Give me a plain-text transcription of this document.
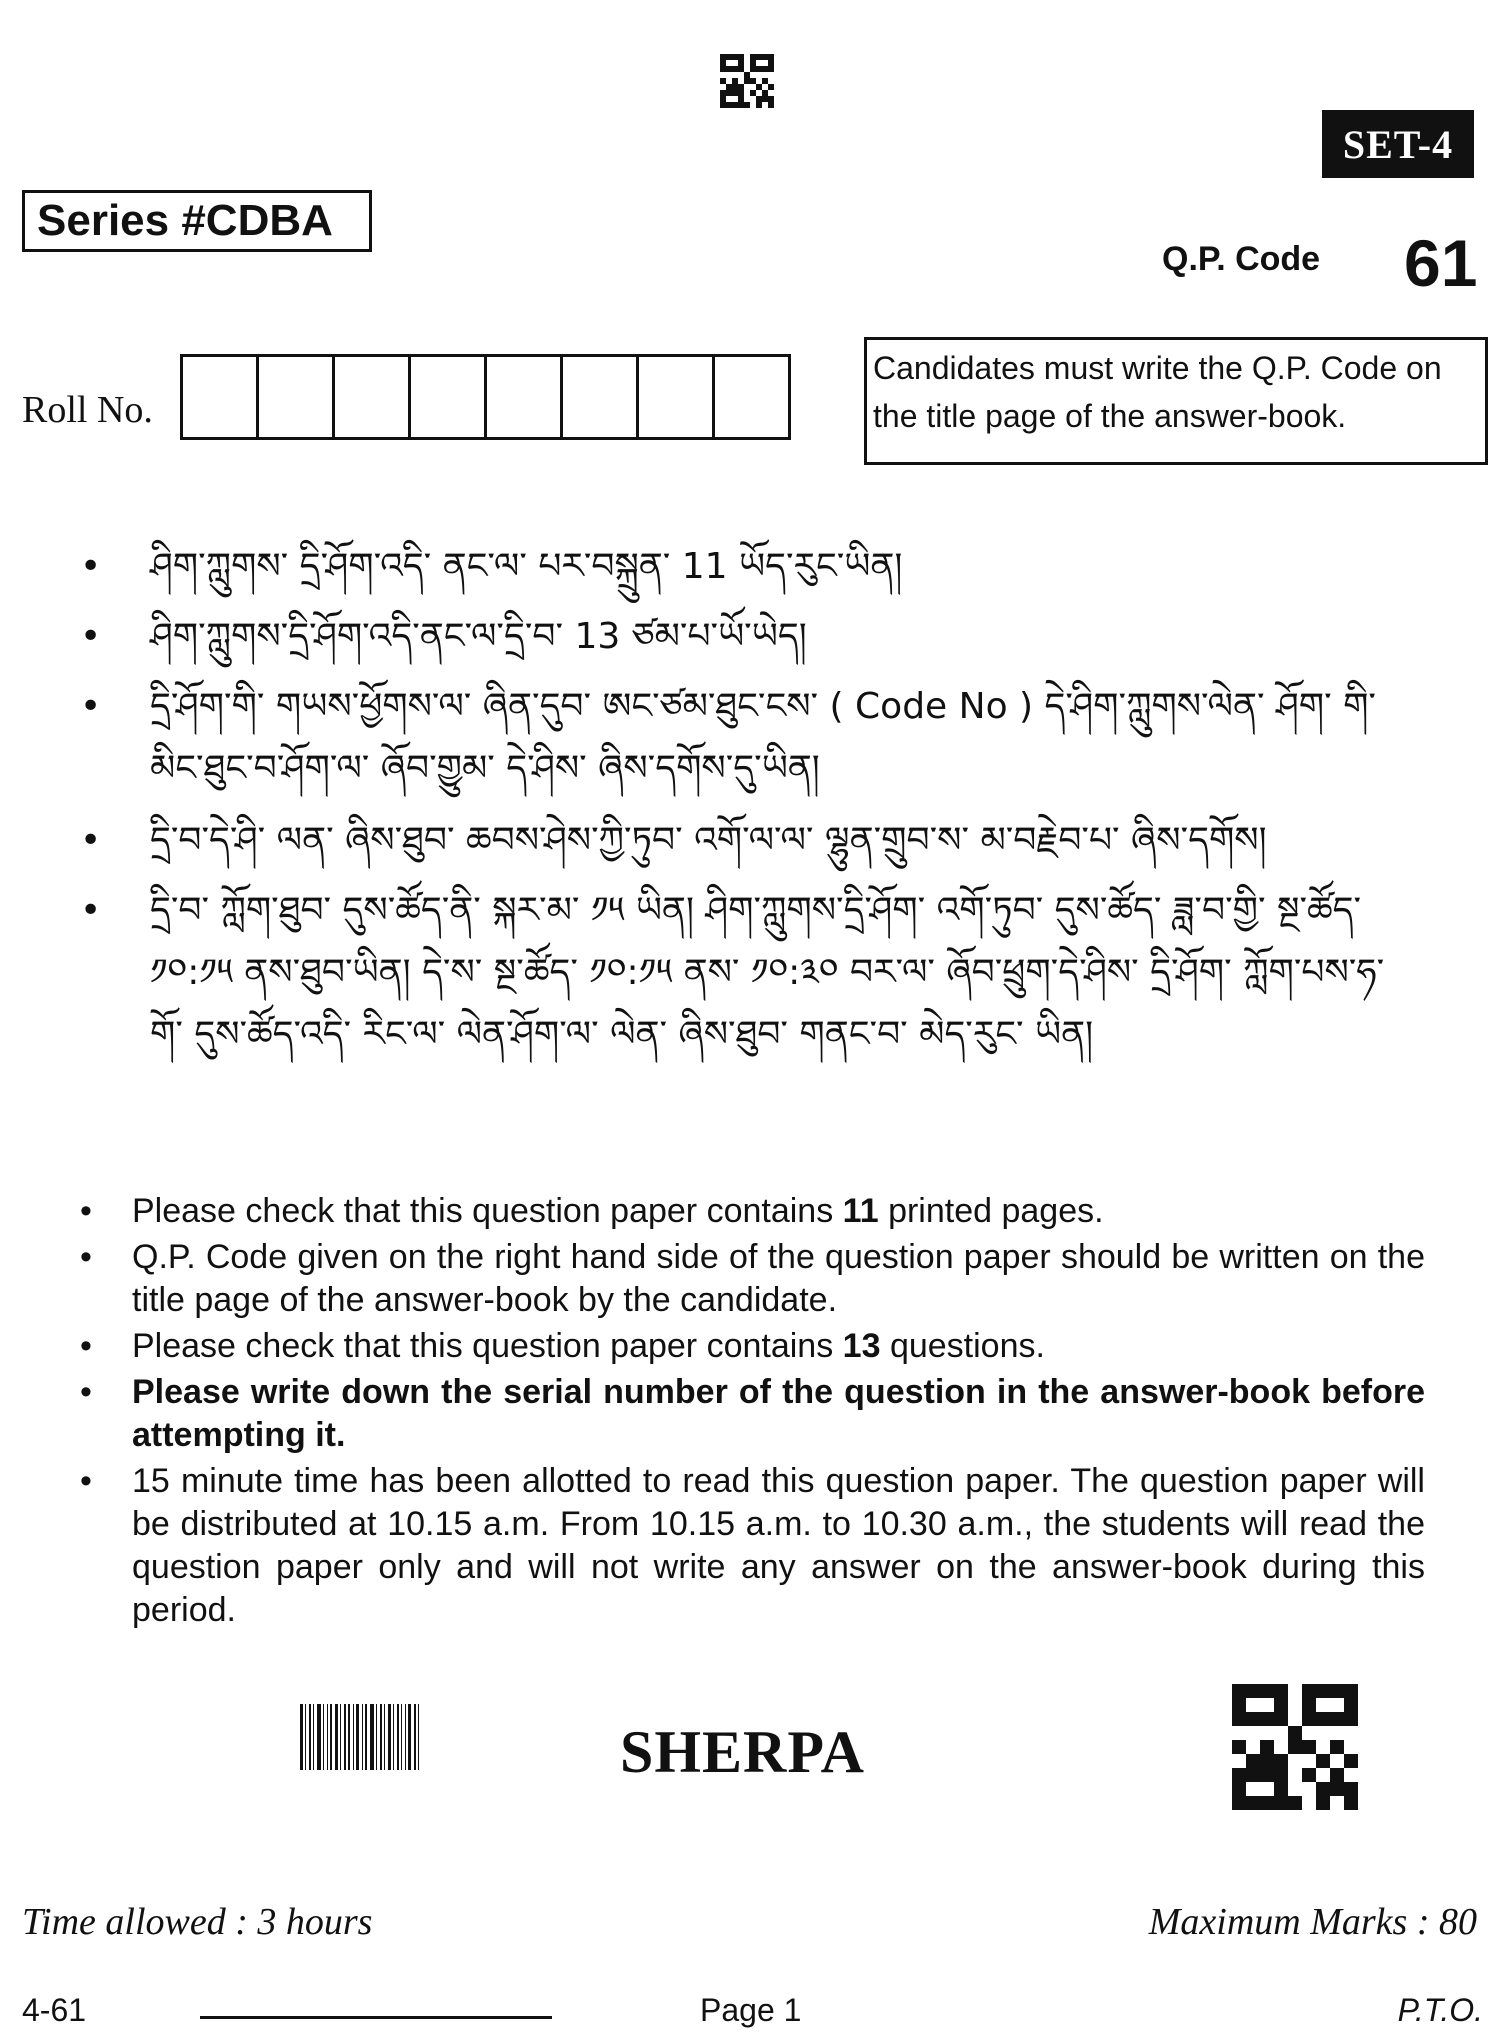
SET-4
Series #CDBA
Q.P. Code 61
Roll No.
Candidates must write the Q.P. Code on the title page of the answer-book.
•	ཤིག་ཀླུགས་ དྲི་ཤོག་འདི་ ནང་ལ་ པར་བསྐྲུན་ 11 ཡོད་རུང་ཡིན།
•	ཤིག་ཀླུགས་དྲི་ཤོག་འདི་ནང་ལ་དྲི་བ་ 13 ཙམ་པ་ཡོ་ཡེད།
•	དྲི་ཤོག་གི་ གཡས་ཕྱོགས་ལ་ ཞིན་དུབ་ ཨང་ཙམ་ཐུང་ངས་ ( Code No ) དེ་ཤིག་ཀླུགས་ལེན་ ཤོག་ གི་མིང་ཐུང་བ་ཤོག་ལ་ ཞོབ་གྱུམ་ དེ་ཤིས་ ཞིས་དགོས་དུ་ཡིན།
•	དྲི་བ་དེ་ཤི་ ལན་ ཞིས་ཐུབ་ ཆབས་ཤེས་ཀྱི་ཏུབ་ འགོ་ལ་ལ་ ལྷུན་གྲུབ་ས་ མ་བརྗེབ་པ་ ཞིས་དགོས།
•	དྲི་བ་ ཀློག་ཐུབ་ དུས་ཚོད་ནི་ སྐར་མ་ ༡༥ ཡིན། ཤིག་ཀླུགས་དྲི་ཤོག་ འགོ་ཏུབ་ དུས་ཚོད་ ཟླ་བ་གྱི་ སྔ་ཚོད་ ༡༠:༡༥ ནས་ཐུབ་ཡིན། དེ་ས་ སྔ་ཚོད་ ༡༠:༡༥ ནས་ ༡༠:༣༠ བར་ལ་ ཞོབ་ཕྲུག་དེ་ཤིས་ དྲི་ཤོག་ ཀློག་པས་ཧ་གོ་ དུས་ཚོད་འདི་ རིང་ལ་ ལེན་ཤོག་ལ་ ལེན་ ཞིས་ཐུབ་ གནང་བ་ མེད་རུང་ ཡིན།
•	Please check that this question paper contains 11 printed pages.
•	Q.P. Code given on the right hand side of the question paper should be written on the title page of the answer-book by the candidate.
•	Please check that this question paper contains 13 questions.
•	Please write down the serial number of the question in the answer-book before attempting it.
•	15 minute time has been allotted to read this question paper. The question paper will be distributed at 10.15 a.m. From 10.15 a.m. to 10.30 a.m., the students will read the question paper only and will not write any answer on the answer-book during this period.
SHERPA
Time allowed : 3 hours	Maximum Marks : 80
4-61	Page 1	P.T.O.
